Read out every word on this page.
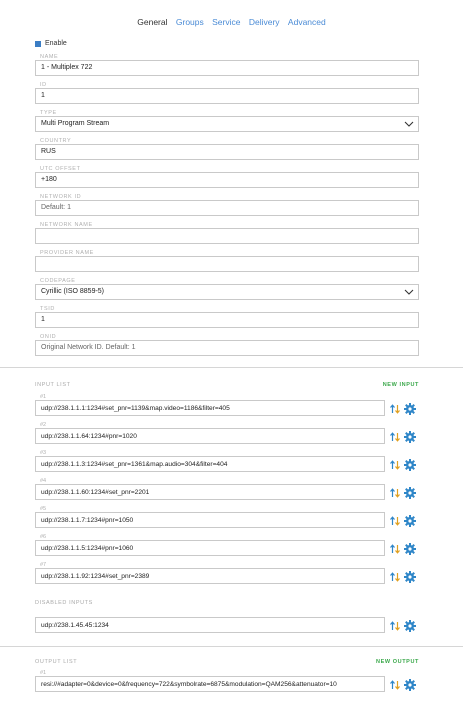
General Groups Service Delivery Advanced
Enable
NAME
1 - Multiplex 722
ID
1
TYPE
Multi Program Stream
COUNTRY
RUS
UTC OFFSET
+180
NETWORK ID
Default: 1
NETWORK NAME
PROVIDER NAME
CODEPAGE
Cyrillic (ISO 8859-5)
TSID
1
ONID
Original Network ID. Default: 1
INPUT LIST	NEW INPUT
#1
udp://238.1.1.1:1234#set_pnr=1139&map.video=1186&filter=405
#2
udp://238.1.1.64:1234#pnr=1020
#3
udp://238.1.1.3:1234#set_pnr=1361&map.audio=304&filter=404
#4
udp://238.1.1.60:1234#set_pnr=2201
#5
udp://238.1.1.7:1234#pnr=1050
#6
udp://238.1.1.5:1234#pnr=1060
#7
udp://238.1.1.92:1234#set_pnr=2389
DISABLED INPUTS
udp://238.1.45.45:1234
OUTPUT LIST	NEW OUTPUT
#1
resi://#adapter=0&device=0&frequency=722&symbolrate=6875&modulation=QAM256&attenuator=10
